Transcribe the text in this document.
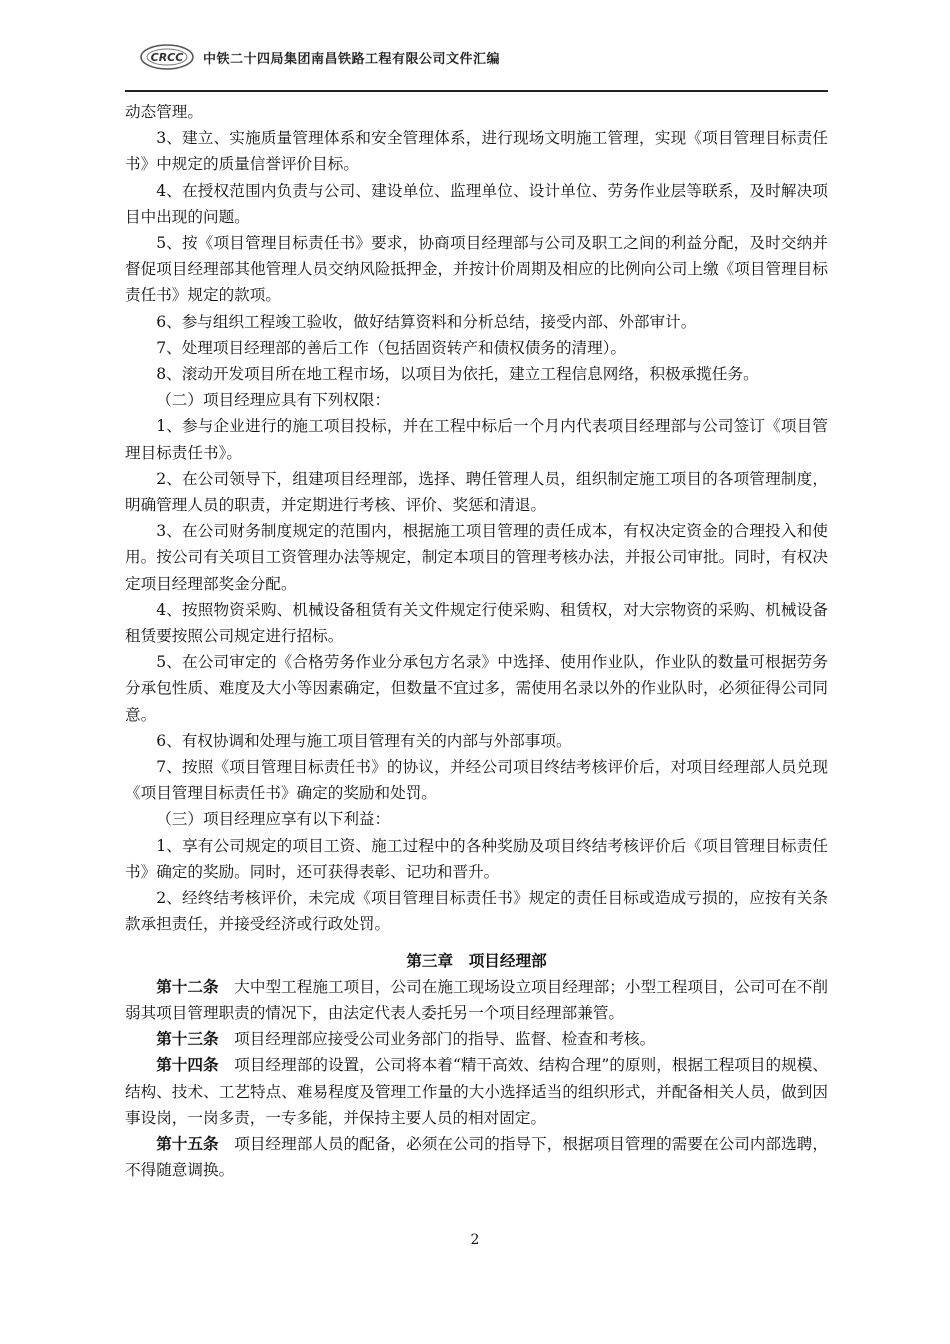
CRCC 中铁二十四局集团南昌铁路工程有限公司文件汇编

动态管理。

3、建立、实施质量管理体系和安全管理体系，进行现场文明施工管理，实现《项目管理目标责任书》中规定的质量信誉评价目标。

4、在授权范围内负责与公司、建设单位、监理单位、设计单位、劳务作业层等联系，及时解决项目中出现的问题。

5、按《项目管理目标责任书》要求，协商项目经理部与公司及职工之间的利益分配，及时交纳并督促项目经理部其他管理人员交纳风险抵押金，并按计价周期及相应的比例向公司上缴《项目管理目标责任书》规定的款项。

6、参与组织工程竣工验收，做好结算资料和分析总结，接受内部、外部审计。

7、处理项目经理部的善后工作（包括固资转产和债权债务的清理）。

8、滚动开发项目所在地工程市场，以项目为依托，建立工程信息网络，积极承揽任务。

（二）项目经理应具有下列权限：

1、参与企业进行的施工项目投标，并在工程中标后一个月内代表项目经理部与公司签订《项目管理目标责任书》。

2、在公司领导下，组建项目经理部，选择、聘任管理人员，组织制定施工项目的各项管理制度，明确管理人员的职责，并定期进行考核、评价、奖惩和清退。

3、在公司财务制度规定的范围内，根据施工项目管理的责任成本，有权决定资金的合理投入和使用。按公司有关项目工资管理办法等规定，制定本项目的管理考核办法，并报公司审批。同时，有权决定项目经理部奖金分配。

4、按照物资采购、机械设备租赁有关文件规定行使采购、租赁权，对大宗物资的采购、机械设备租赁要按照公司规定进行招标。

5、在公司审定的《合格劳务作业分承包方名录》中选择、使用作业队，作业队的数量可根据劳务分承包性质、难度及大小等因素确定，但数量不宜过多，需使用名录以外的作业队时，必须征得公司同意。

6、有权协调和处理与施工项目管理有关的内部与外部事项。

7、按照《项目管理目标责任书》的协议，并经公司项目终结考核评价后，对项目经理部人员兑现《项目管理目标责任书》确定的奖励和处罚。

（三）项目经理应享有以下利益：

1、享有公司规定的项目工资、施工过程中的各种奖励及项目终结考核评价后《项目管理目标责任书》确定的奖励。同时，还可获得表彰、记功和晋升。

2、经终结考核评价，未完成《项目管理目标责任书》规定的责任目标或造成亏损的，应按有关条款承担责任，并接受经济或行政处罚。

第三章　项目经理部

第十二条 大中型工程施工项目，公司在施工现场设立项目经理部；小型工程项目，公司可在不削弱其项目管理职责的情况下，由法定代表人委托另一个项目经理部兼管。

第十三条 项目经理部应接受公司业务部门的指导、监督、检查和考核。

第十四条 项目经理部的设置，公司将本着“精干高效、结构合理”的原则，根据工程项目的规模、结构、技术、工艺特点、难易程度及管理工作量的大小选择适当的组织形式，并配备相关人员，做到因事设岗，一岗多责，一专多能，并保持主要人员的相对固定。

第十五条 项目经理部人员的配备，必须在公司的指导下，根据项目管理的需要在公司内部选聘，不得随意调换。

2
